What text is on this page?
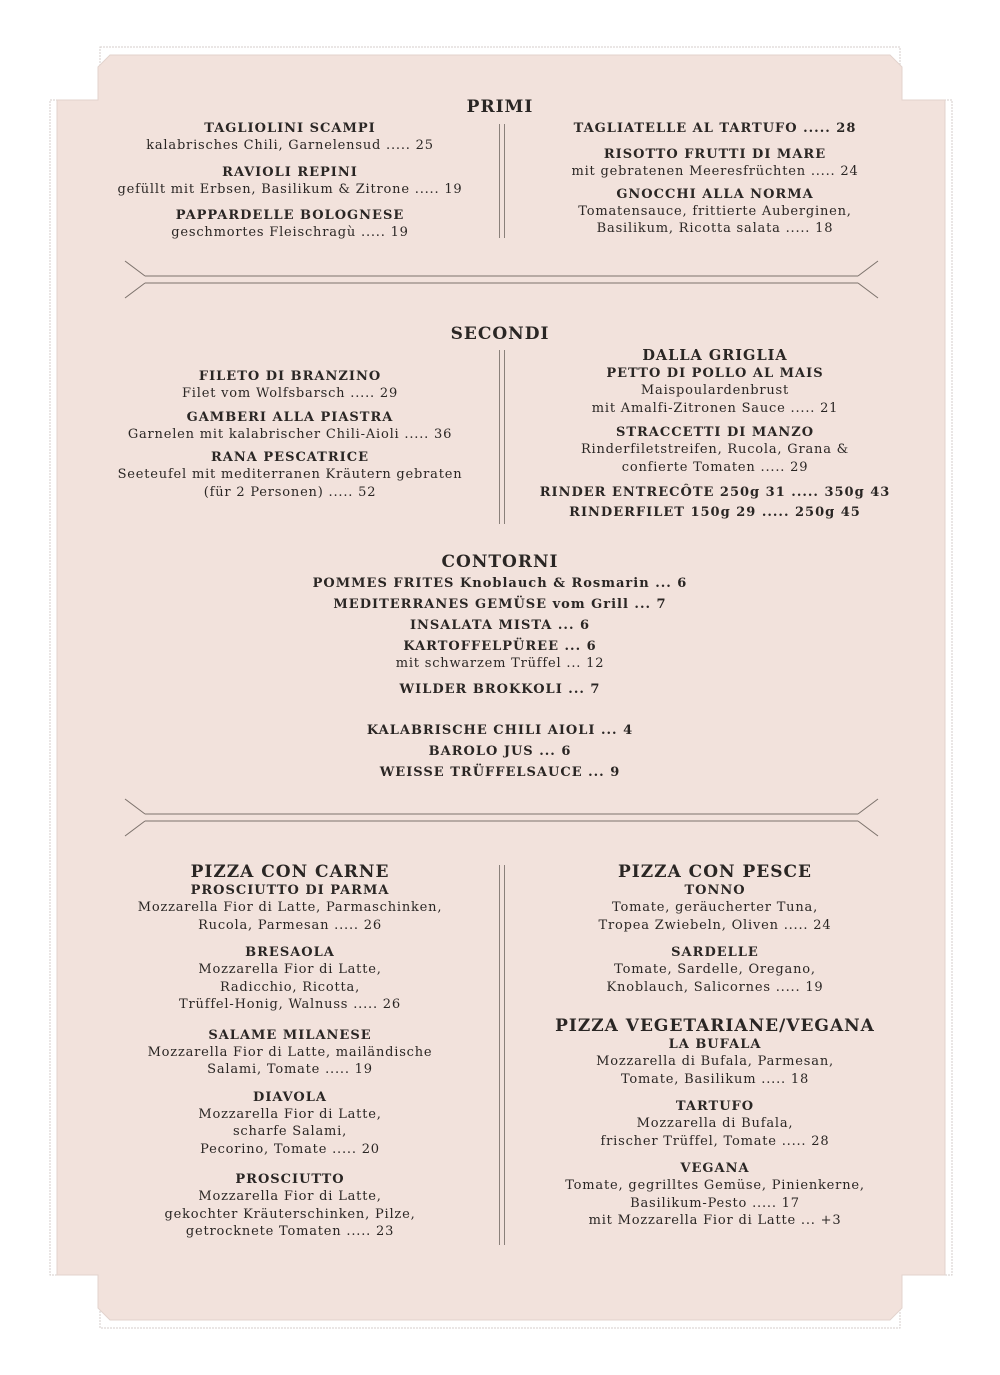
PRIMI
TAGLIOLINI SCAMPI
kalabrisches Chili, Garnelensud ..... 25
RAVIOLI REPINI
gefüllt mit Erbsen, Basilikum & Zitrone ..... 19
PAPPARDELLE BOLOGNESE
geschmortes Fleischragù ..... 19
TAGLIATELLE AL TARTUFO ..... 28
RISOTTO FRUTTI DI MARE
mit gebratenen Meeresfrüchten ..... 24
GNOCCHI ALLA NORMA
Tomatensauce, frittierte Auberginen,
Basilikum, Ricotta salata ..... 18
SECONDI
FILETO DI BRANZINO
Filet vom Wolfsbarsch ..... 29
GAMBERI ALLA PIASTRA
Garnelen mit kalabrischer Chili-Aioli ..... 36
RANA PESCATRICE
Seeteufel mit mediterranen Kräutern gebraten
(für 2 Personen) ..... 52
DALLA GRIGLIA
PETTO DI POLLO AL MAIS
Maispoulardenbrust
mit Amalfi-Zitronen Sauce ..... 21
STRACCETTI DI MANZO
Rinderfiletstreifen, Rucola, Grana &
confierte Tomaten ..... 29
RINDER ENTRECÔTE 250g 31 ..... 350g 43
RINDERFILET 150g 29 ..... 250g 45
CONTORNI
POMMES FRITES Knoblauch & Rosmarin ... 6
MEDITERRANES GEMÜSE vom Grill ... 7
INSALATA MISTA ... 6
KARTOFFELPÜREE ... 6
mit schwarzem Trüffel ... 12
WILDER BROKKOLI ... 7
KALABRISCHE CHILI AIOLI ... 4
BAROLO JUS ... 6
WEISSE TRÜFFELSAUCE ... 9
PIZZA CON CARNE
PROSCIUTTO DI PARMA
Mozzarella Fior di Latte, Parmaschinken,
Rucola, Parmesan ..... 26
BRESAOLA
Mozzarella Fior di Latte,
Radicchio, Ricotta,
Trüffel-Honig, Walnuss ..... 26
SALAME MILANESE
Mozzarella Fior di Latte, mailändische
Salami, Tomate ..... 19
DIAVOLA
Mozzarella Fior di Latte,
scharfe Salami,
Pecorino, Tomate ..... 20
PROSCIUTTO
Mozzarella Fior di Latte,
gekochter Kräuterschinken, Pilze,
getrocknete Tomaten ..... 23
PIZZA CON PESCE
TONNO
Tomate, geräucherter Tuna,
Tropea Zwiebeln, Oliven ..... 24
SARDELLE
Tomate, Sardelle, Oregano,
Knoblauch, Salicornes ..... 19
PIZZA VEGETARIANE/VEGANA
LA BUFALA
Mozzarella di Bufala, Parmesan,
Tomate, Basilikum ..... 18
TARTUFO
Mozzarella di Bufala,
frischer Trüffel, Tomate ..... 28
VEGANA
Tomate, gegrilltes Gemüse, Pinienkerne,
Basilikum-Pesto ..... 17
mit Mozzarella Fior di Latte ... +3
